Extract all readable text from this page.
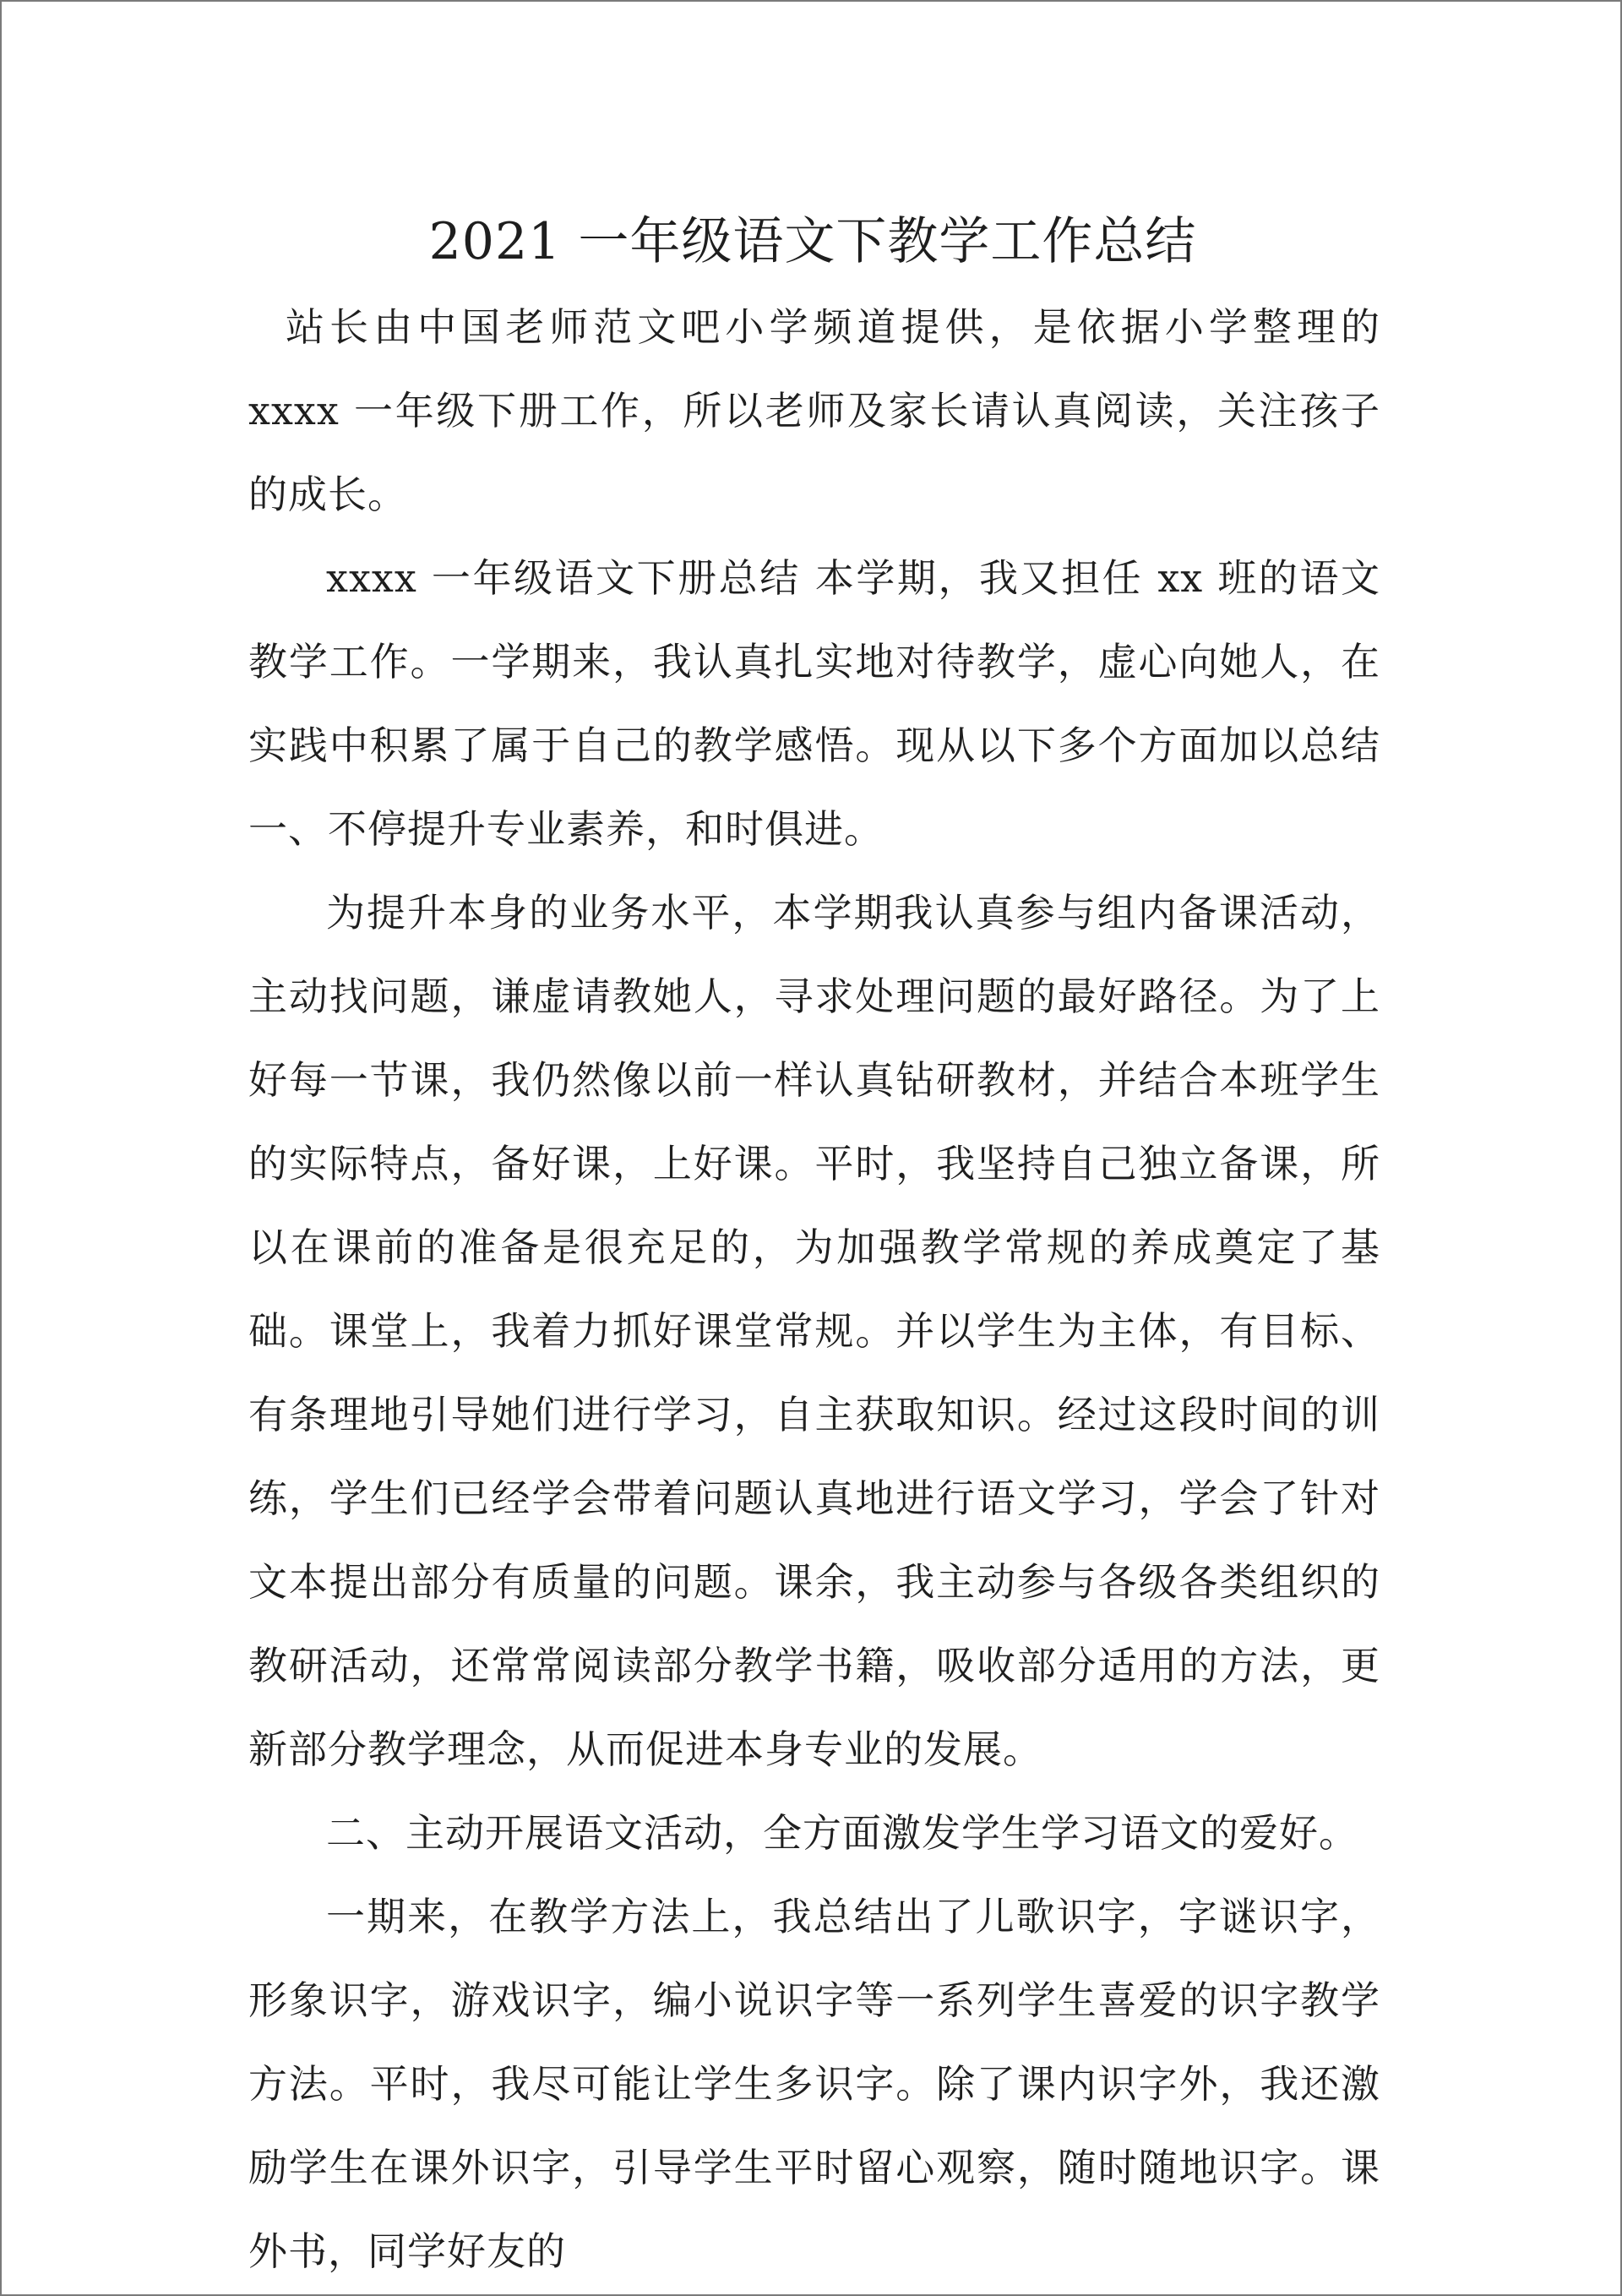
2021 一年级语文下教学工作总结

站长由中国老师范文吧小学频道提供，是依据小学整理的 xxxx 一年级下册工作，所以老师及家长请认真阅读，关注孩子的成长。

xxxx 一年级语文下册总结 本学期，我又担任 xx 班的语文教学工作。一学期来，我认真扎实地对待教学，虚心向她人，在实践中积累了属于自己的教学感悟。现从以下多个方面加以总结 一、不停提升专业素养，和时俱进。

为提升本身的业务水平，本学期我认真参与组内备课活动，主动找问题，谦虚请教她人，寻求处理问题的最好路径。为了上好每一节课，我仍然像以前一样认真钻研教材，并结合本班学生的实际特点，备好课，上好课。平时，我坚持自己独立备课，所以在课前的准备是很充足的，为加强教学常规的养成奠定了基础。课堂上，我着力抓好课堂常规。并以学生为主体，有目标、有条理地引导她们进行学习，自主获取知识。经过这段时间的训练，学生们已经学会带着问题认真地进行语文学习，学会了针对文本提出部分有质量的问题。课余，我主动参与各级各类组织的教研活动，还常常阅读部分教学书籍，吸收部分适用的方法，更新部分教学理念，从而促进本身专业的发展。

二、主动开展语文活动，全方面激发学生学习语文的爱好。

一期来，在教学方法上，我总结出了儿歌识字，字谜识字，形象识字，游戏识字，编小说识字等一系列学生喜爱的识字教学方法。平时，我尽可能让学生多识字。除了课内识字外，我还激励学生在课外识字，引导学生平时留心观察，随时随地识字。课外书，同学好友的
